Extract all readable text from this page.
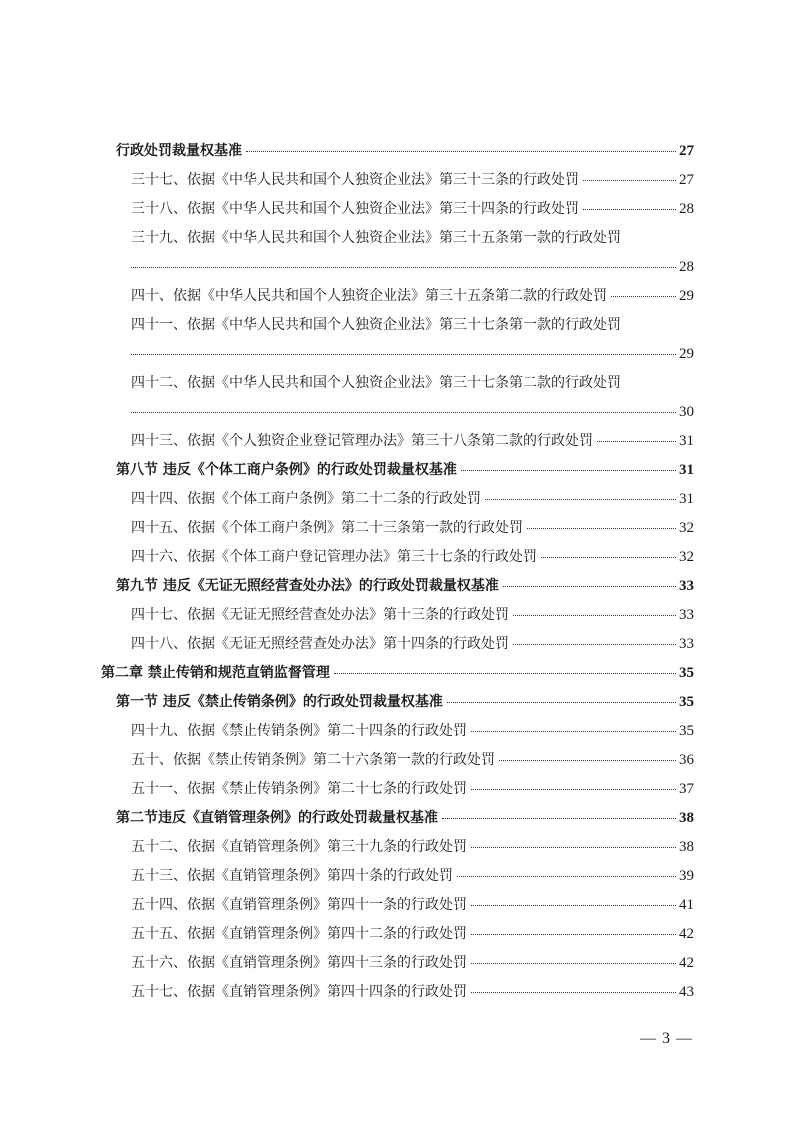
行政处罚裁量权基准	27
三十七、依据《中华人民共和国个人独资企业法》第三十三条的行政处罚	27
三十八、依据《中华人民共和国个人独资企业法》第三十四条的行政处罚	28
三十九、依据《中华人民共和国个人独资企业法》第三十五条第一款的行政处罚
28
四十、依据《中华人民共和国个人独资企业法》第三十五条第二款的行政处罚	29
四十一、依据《中华人民共和国个人独资企业法》第三十七条第一款的行政处罚
29
四十二、依据《中华人民共和国个人独资企业法》第三十七条第二款的行政处罚
30
四十三、依据《个人独资企业登记管理办法》第三十八条第二款的行政处罚	31
第八节 违反《个体工商户条例》的行政处罚裁量权基准	31
四十四、依据《个体工商户条例》第二十二条的行政处罚	31
四十五、依据《个体工商户条例》第二十三条第一款的行政处罚	32
四十六、依据《个体工商户登记管理办法》第三十七条的行政处罚	32
第九节 违反《无证无照经营查处办法》的行政处罚裁量权基准	33
四十七、依据《无证无照经营查处办法》第十三条的行政处罚	33
四十八、依据《无证无照经营查处办法》第十四条的行政处罚	33
第二章 禁止传销和规范直销监督管理	35
第一节 违反《禁止传销条例》的行政处罚裁量权基准	35
四十九、依据《禁止传销条例》第二十四条的行政处罚	35
五十、依据《禁止传销条例》第二十六条第一款的行政处罚	36
五十一、依据《禁止传销条例》第二十七条的行政处罚	37
第二节违反《直销管理条例》的行政处罚裁量权基准	38
五十二、依据《直销管理条例》第三十九条的行政处罚	38
五十三、依据《直销管理条例》第四十条的行政处罚	39
五十四、依据《直销管理条例》第四十一条的行政处罚	41
五十五、依据《直销管理条例》第四十二条的行政处罚	42
五十六、依据《直销管理条例》第四十三条的行政处罚	42
五十七、依据《直销管理条例》第四十四条的行政处罚	43
— 3 —
